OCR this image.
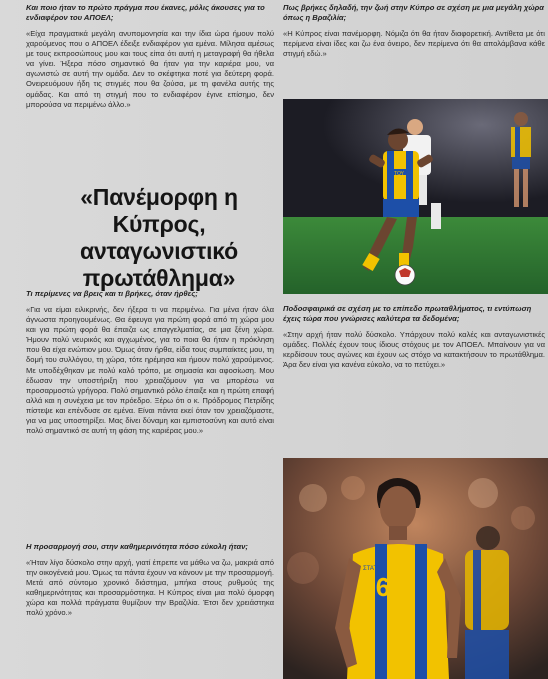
Και ποιο ήταν το πρώτο πράγμα που έκανες, μόλις άκουσες για το ενδιαφέρον του ΑΠΟΕΛ;
«Είχα πραγματικά μεγάλη ανυπομονησία και την ίδια ώρα ήμουν πολύ χαρούμενος που ο ΑΠΟΕΛ έδειξε ενδιαφέρον για εμένα. Μίλησα αμέσως με τους εκπροσώπους μου και τους είπα ότι αυτή η μεταγραφή θα ήθελα να γίνει. Ήξερα πόσο σημαντικό θα ήταν για την καριέρα μου, να αγωνιστώ σε αυτή την ομάδα. Δεν το σκέφτηκα ποτέ για δεύτερη φορά. Ονειρευόμουν ήδη τις στιγμές που θα ζούσα, με τη φανέλα αυτής της ομάδας. Και από τη στιγμή που το ενδιαφέρον έγινε επίσημο, δεν μπορούσα να περιμένω άλλο.»
«Πανέμορφη η Κύπρος, ανταγωνιστικό πρωτάθλημα»
Τι περίμενες να βρεις και τι βρήκες, όταν ήρθες;
«Για να είμαι ειλικρινής, δεν ήξερα τι να περιμένω. Για μένα ήταν όλα άγνωστα προηγουμένως. Θα έφευγα για πρώτη φορά από τη χώρα μου και για πρώτη φορά θα έπαιζα ως επαγγελματίας, σε μια ξένη χώρα. Ήμουν πολύ νευρικός και αγχωμένος, για το ποια θα ήταν η πρόκληση που θα είχα ενώπιον μου. Όμως όταν ήρθα, είδα τους συμπαίκτες μου, τη δομή του συλλόγου, τη χώρα, τότε ηρέμησα και ήμουν πολύ χαρούμενος. Με υποδέχθηκαν με πολύ καλό τρόπο, με σημασία και αφοσίωση. Μου έδωσαν την υποστήριξη που χρειαζόμουν για να μπορέσω να προσαρμοστώ γρήγορα. Πολύ σημαντικό ρόλο έπαιξε και η πρώτη επαφή αλλά και η συνέχεια με τον πρόεδρο. Ξέρω ότι ο κ. Πρόδρομος Πετρίδης πίστεψε και επένδυσε σε εμένα. Είναι πάντα εκεί όταν τον χρειαζόμαστε, για να μας υποστηρίξει. Μας δίνει δύναμη και εμπιστοσύνη και αυτό είναι πολύ σημαντικό σε αυτή τη φάση της καριέρας μου.»
Η προσαρμογή σου, στην καθημερινότητα πόσο εύκολη ήταν;
«Ήταν λίγο δύσκολο στην αρχή, γιατί έπρεπε να μάθω να ζω, μακριά από την οικογένειά μου. Όμως τα πάντα έχουν να κάνουν με την προσαρμογή. Μετά από σύντομο χρονικό διάστημα, μπήκα στους ρυθμούς της καθημερινότητας και προσαρμόστηκα. Η Κύπρος είναι μια πολύ όμορφη χώρα και πολλά πράγματα θυμίζουν την Βραζιλία. Έτσι δεν χρειάστηκα πολύ χρόνο.»
Πως βρήκες δηλαδή, την ζωή στην Κύπρο σε σχέση με μια μεγάλη χώρα όπως η Βραζιλία;
«Η Κύπρος είναι πανέμορφη. Νόμιζα ότι θα ήταν διαφορετική. Αντίθετα με ότι περίμενα είναι ίδες και ζω ένα όνειρο, δεν περίμενα ότι θα απολάμβανα κάθε στιγμή εδώ.»
ΤΟΥ
Ποδοσφαιρικά σε σχέση με το επίπεδο πρωταθλήματος, τι εντύπωση έχεις τώρα που γνώρισες καλύτερα τα δεδομένα;
«Στην αρχή ήταν πολύ δύσκολο. Υπάρχουν πολύ καλές και ανταγωνιστικές ομάδες. Πολλές έχουν τους ίδιους στόχους με τον ΑΠΟΕΛ. Μπαίνουν για να κερδίσουν τους αγώνες και έχουν ως στόχο να κατακτήσουν το πρωτάθλημα. Άρα δεν είναι για κανένα εύκολο, να το πετύχει.»
6
ΣΤΑΤΙ
